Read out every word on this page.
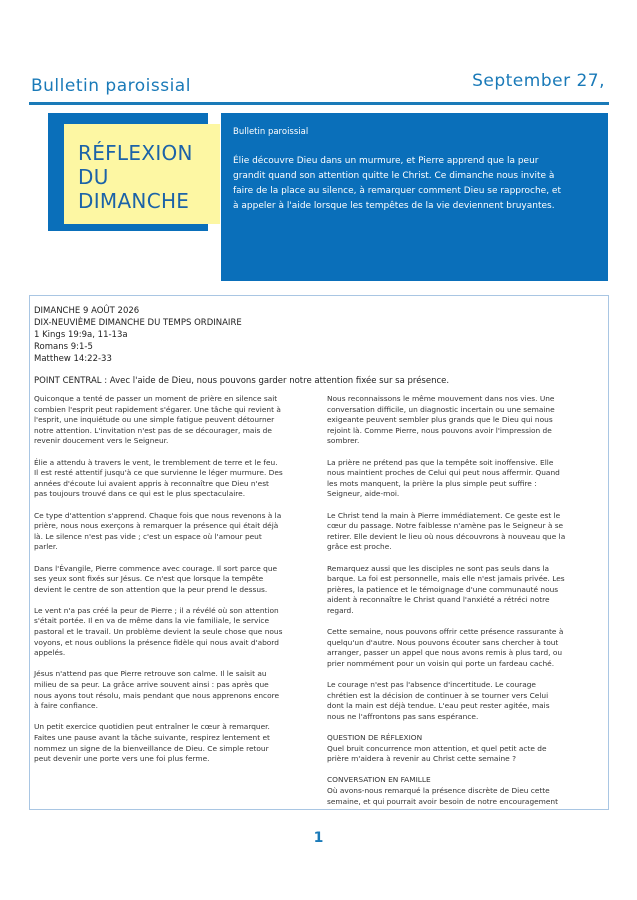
Bulletin paroissial	September 27,
RÉFLEXION DU DIMANCHE
Bulletin paroissial
Élie découvre Dieu dans un murmure, et Pierre apprend que la peur grandit quand son attention quitte le Christ. Ce dimanche nous invite à faire de la place au silence, à remarquer comment Dieu se rapproche, et à appeler à l'aide lorsque les tempêtes de la vie deviennent bruyantes.
DIMANCHE 9 AOÛT 2026
DIX-NEUVIÈME DIMANCHE DU TEMPS ORDINAIRE
1 Kings 19:9a, 11-13a
Romans 9:1-5
Matthew 14:22-33
POINT CENTRAL : Avec l'aide de Dieu, nous pouvons garder notre attention fixée sur sa présence.

Quiconque a tenté de passer un moment de prière en silence sait combien l'esprit peut rapidement s'égarer. Une tâche qui revient à l'esprit, une inquiétude ou une simple fatigue peuvent détourner notre attention. L'invitation n'est pas de se décourager, mais de revenir doucement vers le Seigneur.

Élie a attendu à travers le vent, le tremblement de terre et le feu. Il est resté attentif jusqu'à ce que survienne le léger murmure. Des années d'écoute lui avaient appris à reconnaître que Dieu n'est pas toujours trouvé dans ce qui est le plus spectaculaire.

Ce type d'attention s'apprend. Chaque fois que nous revenons à la prière, nous nous exerçons à remarquer la présence qui était déjà là. Le silence n'est pas vide ; c'est un espace où l'amour peut parler.

Dans l'Évangile, Pierre commence avec courage. Il sort parce que ses yeux sont fixés sur Jésus. Ce n'est que lorsque la tempête devient le centre de son attention que la peur prend le dessus.

Le vent n'a pas créé la peur de Pierre ; il a révélé où son attention s'était portée. Il en va de même dans la vie familiale, le service pastoral et le travail. Un problème devient la seule chose que nous voyons, et nous oublions la présence fidèle qui nous avait d'abord appelés.

Jésus n'attend pas que Pierre retrouve son calme. Il le saisit au milieu de sa peur. La grâce arrive souvent ainsi : pas après que nous ayons tout résolu, mais pendant que nous apprenons encore à faire confiance.

Un petit exercice quotidien peut entraîner le cœur à remarquer. Faites une pause avant la tâche suivante, respirez lentement et nommez un signe de la bienveillance de Dieu. Ce simple retour peut devenir une porte vers une foi plus ferme.

Nous reconnaissons le même mouvement dans nos vies. Une conversation difficile, un diagnostic incertain ou une semaine exigeante peuvent sembler plus grands que le Dieu qui nous rejoint là. Comme Pierre, nous pouvons avoir l'impression de sombrer.

La prière ne prétend pas que la tempête soit inoffensive. Elle nous maintient proches de Celui qui peut nous affermir. Quand les mots manquent, la prière la plus simple peut suffire : Seigneur, aide-moi.

Le Christ tend la main à Pierre immédiatement. Ce geste est le cœur du passage. Notre faiblesse n'amène pas le Seigneur à se retirer. Elle devient le lieu où nous découvrons à nouveau que la grâce est proche.

Remarquez aussi que les disciples ne sont pas seuls dans la barque. La foi est personnelle, mais elle n'est jamais privée. Les prières, la patience et le témoignage d'une communauté nous aident à reconnaître le Christ quand l'anxiété a rétréci notre regard.

Cette semaine, nous pouvons offrir cette présence rassurante à quelqu'un d'autre. Nous pouvons écouter sans chercher à tout arranger, passer un appel que nous avons remis à plus tard, ou prier nommément pour un voisin qui porte un fardeau caché.

Le courage n'est pas l'absence d'incertitude. Le courage chrétien est la décision de continuer à se tourner vers Celui dont la main est déjà tendue. L'eau peut rester agitée, mais nous ne l'affrontons pas sans espérance.

QUESTION DE RÉFLEXION

Quel bruit concurrence mon attention, et quel petit acte de prière m'aidera à revenir au Christ cette semaine ?

CONVERSATION EN FAMILLE

Où avons-nous remarqué la présence discrète de Dieu cette semaine, et qui pourrait avoir besoin de notre encouragement

1
